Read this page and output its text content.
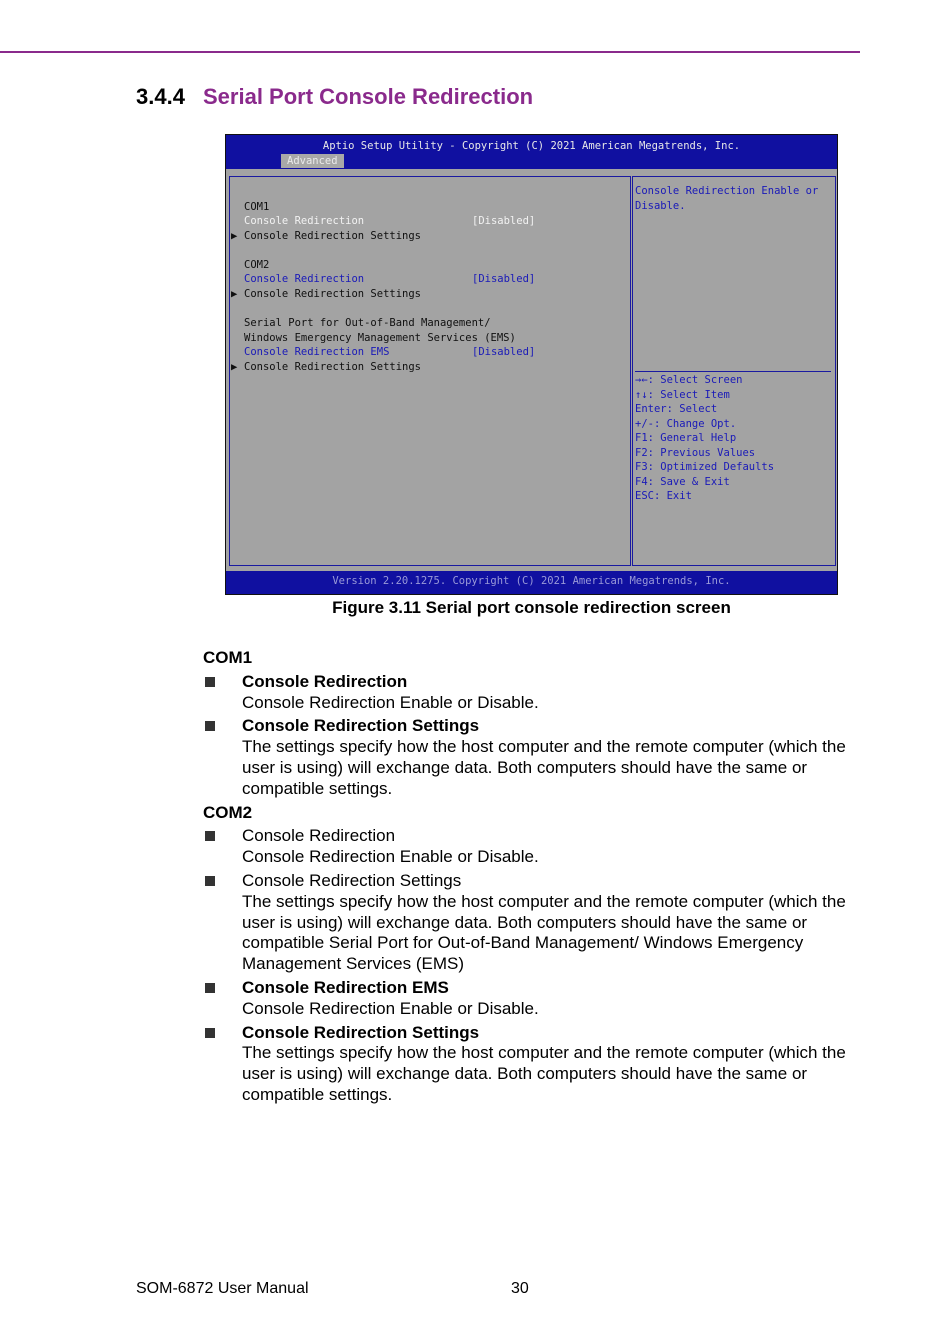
3.4.4 Serial Port Console Redirection
Aptio Setup Utility - Copyright (C) 2021 American Megatrends, Inc.
Advanced
COM1
Console Redirection	[Disabled]
▶ Console Redirection Settings
COM2
Console Redirection	[Disabled]
▶ Console Redirection Settings
Serial Port for Out-of-Band Management/
Windows Emergency Management Services (EMS)
Console Redirection EMS	[Disabled]
▶ Console Redirection Settings
Console Redirection Enable or
Disable.
→←: Select Screen
↑↓: Select Item
Enter: Select
+/-: Change Opt.
F1: General Help
F2: Previous Values
F3: Optimized Defaults
F4: Save & Exit
ESC: Exit
Version 2.20.1275. Copyright (C) 2021 American Megatrends, Inc.
Figure 3.11 Serial port console redirection screen
COM1
Console Redirection
Console Redirection Enable or Disable.
Console Redirection Settings
The settings specify how the host computer and the remote computer (which the user is using) will exchange data. Both computers should have the same or compatible settings.
COM2
Console Redirection
Console Redirection Enable or Disable.
Console Redirection Settings
The settings specify how the host computer and the remote computer (which the user is using) will exchange data. Both computers should have the same or compatible Serial Port for Out-of-Band Management/ Windows Emergency Management Services (EMS)
Console Redirection EMS
Console Redirection Enable or Disable.
Console Redirection Settings
The settings specify how the host computer and the remote computer (which the user is using) will exchange data. Both computers should have the same or compatible settings.
SOM-6872 User Manual	30
